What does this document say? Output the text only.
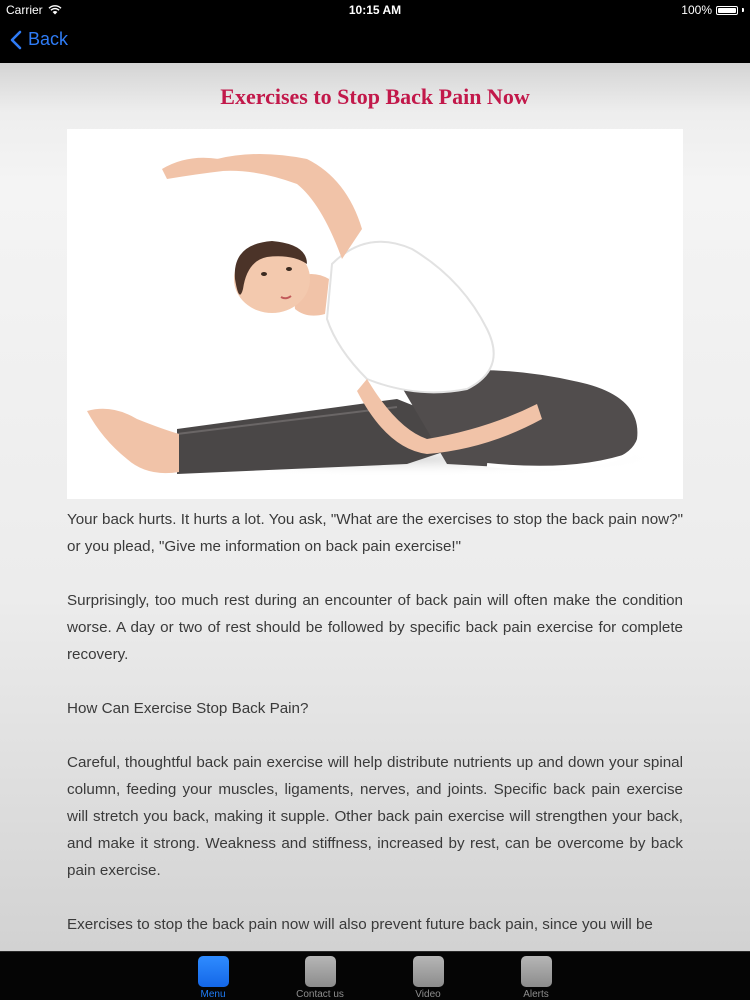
Carrier	10:15 AM	100%
Back
Exercises to Stop Back Pain Now

Your back hurts. It hurts a lot. You ask, "What are the exercises to stop the back pain now?" or you plead, "Give me information on back pain exercise!"

Surprisingly, too much rest during an encounter of back pain will often make the condition worse. A day or two of rest should be followed by specific back pain exercise for complete recovery.

How Can Exercise Stop Back Pain?

Careful, thoughtful back pain exercise will help distribute nutrients up and down your spinal column, feeding your muscles, ligaments, nerves, and joints. Specific back pain exercise will stretch you back, making it supple. Other back pain exercise will strengthen your back, and make it strong. Weakness and stiffness, increased by rest, can be overcome by back pain exercise.

Exercises to stop the back pain now will also prevent future back pain, since you will be

Menu	Contact us	Video	Alerts
